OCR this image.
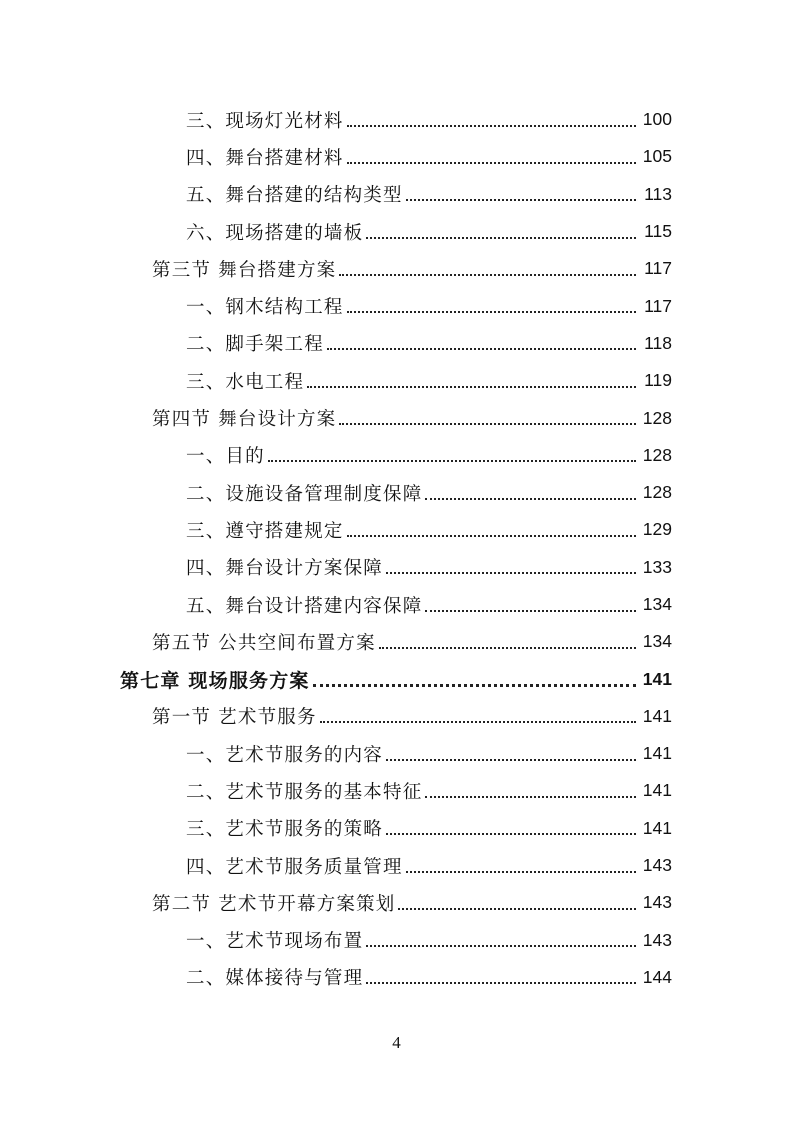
三、现场灯光材料	100
四、舞台搭建材料	105
五、舞台搭建的结构类型	113
六、现场搭建的墙板	115
第三节 舞台搭建方案	117
一、钢木结构工程	117
二、脚手架工程	118
三、水电工程	119
第四节 舞台设计方案	128
一、目的	128
二、设施设备管理制度保障	128
三、遵守搭建规定	129
四、舞台设计方案保障	133
五、舞台设计搭建内容保障	134
第五节 公共空间布置方案	134
第七章 现场服务方案	141
第一节 艺术节服务	141
一、艺术节服务的内容	141
二、艺术节服务的基本特征	141
三、艺术节服务的策略	141
四、艺术节服务质量管理	143
第二节 艺术节开幕方案策划	143
一、艺术节现场布置	143
二、媒体接待与管理	144
4
